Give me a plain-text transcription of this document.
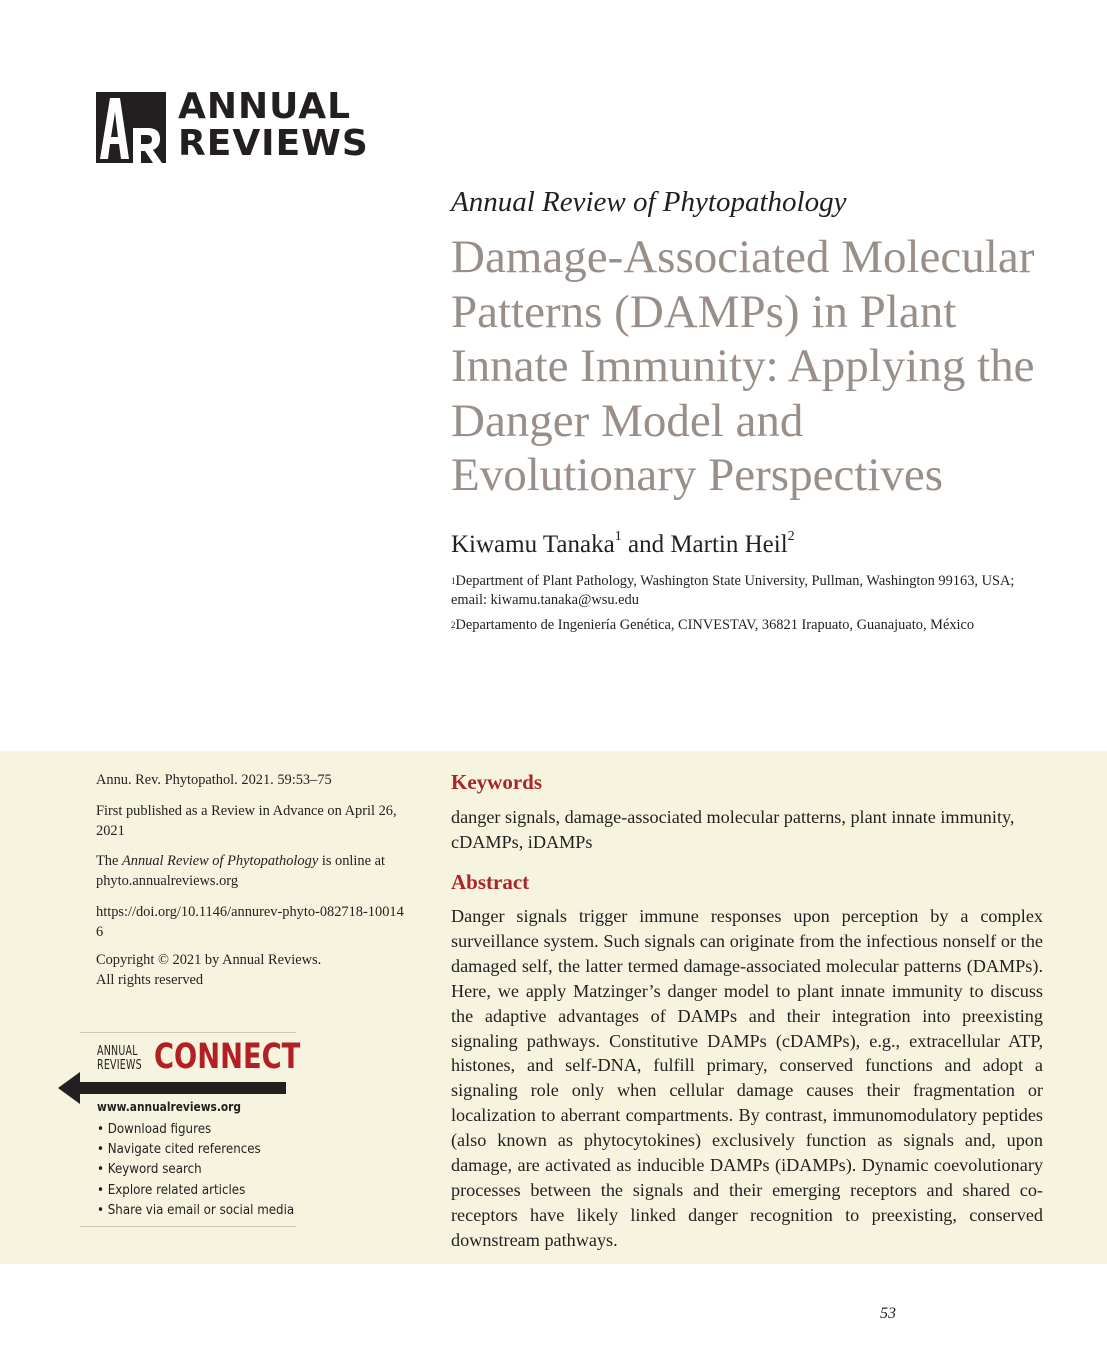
ANNUAL
REVIEWS
Annual Review of Phytopathology
Damage-Associated Molecular
Patterns (DAMPs) in Plant
Innate Immunity: Applying the
Danger Model and
Evolutionary Perspectives
Kiwamu Tanaka$^1$ and Martin Heil$^2$
$^1$Department of Plant Pathology, Washington State University, Pullman, Washington 99163, USA; email: kiwamu.tanaka@wsu.edu
$^2$Departamento de Ingeniería Genética, CINVESTAV, 36821 Irapuato, Guanajuato, México
Annu. Rev. Phytopathol. 2021. 59:53–75
First published as a Review in Advance on April 26, 2021
The Annual Review of Phytopathology is online at phyto.annualreviews.org
https://doi.org/10.1146/annurev-phyto-082718-100146
Copyright © 2021 by Annual Reviews.
All rights reserved
ANNUAL
REVIEWS CONNECT
www.annualreviews.org
• Download figures
• Navigate cited references
• Keyword search
• Explore related articles
• Share via email or social media
Keywords
danger signals, damage-associated molecular patterns, plant innate immunity, cDAMPs, iDAMPs
Abstract
Danger signals trigger immune responses upon perception by a complex surveillance system. Such signals can originate from the infectious nonself or the damaged self, the latter termed damage-associated molecular patterns (DAMPs). Here, we apply Matzinger’s danger model to plant innate immunity to discuss the adaptive advantages of DAMPs and their integration into preexisting signaling pathways. Constitutive DAMPs (cDAMPs), e.g., extracellular ATP, histones, and self-DNA, fulfill primary, conserved functions and adopt a signaling role only when cellular damage causes their fragmentation or localization to aberrant compartments. By contrast, immunomodulatory peptides (also known as phytocytokines) exclusively function as signals and, upon damage, are activated as inducible DAMPs (iDAMPs). Dynamic coevolutionary processes between the signals and their emerging receptors and shared co-receptors have likely linked danger recognition to preexisting, conserved downstream pathways.
53
